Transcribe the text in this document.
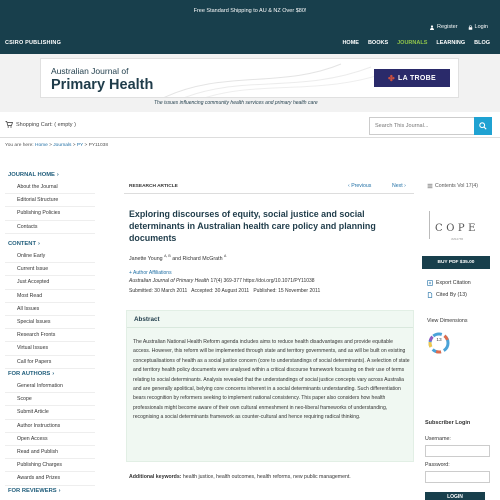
Free Standard Shipping to AU & NZ Over $80!
Register	Login
CSIRO PUBLISHING	HOME BOOKS JOURNALS LEARNING BLOG
Australian Journal of
Primary Health	✤ LA TROBE
The issues influencing community health services and primary health care
Shopping Cart: ( empty )
Search This Journal...
You are here: Home > Journals > PY > PY11038
JOURNAL HOME ›
About the Journal
Editorial Structure
Publishing Policies
Contacts
CONTENT ›
Online Early
Current Issue
Just Accepted
Most Read
All Issues
Special Issues
Research Fronts
Virtual Issues
Call for Papers
FOR AUTHORS ›
General Information
Scope
Submit Article
Author Instructions
Open Access
Read and Publish
Publishing Charges
Awards and Prizes
FOR REVIEWERS ›
RESEARCH ARTICLE	‹ Previous	Next ›	Contents Vol 17(4)
Exploring discourses of equity, social justice and social determinants in Australian health care policy and planning documents
Janette Young $^{A, B}$ and Richard McGrath $^A$
+ Author Affiliations
Australian Journal of Primary Health 17(4) 369-377 https://doi.org/10.1071/PY11038
Submitted: 30 March 2011   Accepted: 30 August 2011   Published: 15 November 2011
Abstract
The Australian National Health Reform agenda includes aims to reduce health disadvantages and provide equitable access. However, this reform will be implemented through state and territory governments, and as will be built on existing conceptualisations of health as a social justice concern (core to understandings of social determinants). A selection of state and territory health policy documents were analysed within a critical discourse framework focussing on their use of terms relating to social determinants. Analysis revealed that the understandings of social justice concepts vary across Australia and are generally apolitical, belying core concerns inherent in a social determinants understanding. Such differentiation bears recognition by reformers seeking to implement national consistency. This paper also considers how health professionals might become aware of their own cultural enmeshment in neo-liberal frameworks of understanding, recognising a social determinants framework as counter-cultural and hence requiring radical thinking.
Additional keywords: health justice, health outcomes, health reforms, new public management.
COPE
JM12765
BUY PDF $35.00
Export Citation
Cited By (13)
View Dimensions
13
Subscriber Login
Username:
Password:
LOGIN
